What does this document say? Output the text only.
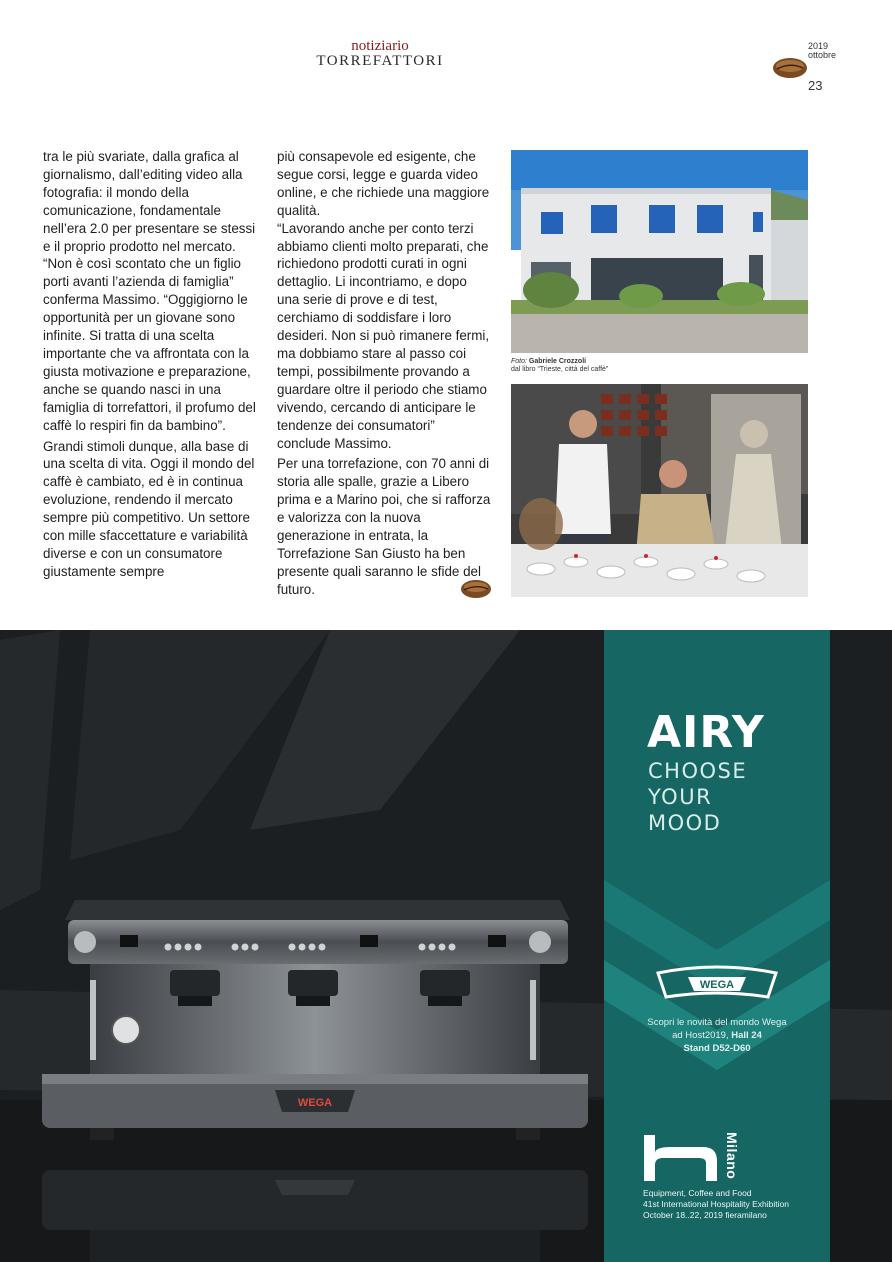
notiziario
TORREFATTORI
2019
ottobre
23

tra le più svariate, dalla grafica al giornalismo, dall’editing video alla fotografia: il mondo della comunicazione, fondamentale nell’era 2.0 per presentare se stessi e il proprio prodotto nel mercato. “Non è così scontato che un figlio porti avanti l’azienda di famiglia” conferma Massimo. “Oggigiorno le opportunità per un giovane sono infinite. Si tratta di una scelta importante che va affrontata con la giusta motivazione e preparazione, anche se quando nasci in una famiglia di torrefattori, il profumo del caffè lo respiri fin da bambino”.

Grandi stimoli dunque, alla base di una scelta di vita. Oggi il mondo del caffè è cambiato, ed è in continua evoluzione, rendendo il mercato sempre più competitivo. Un settore con mille sfaccettature e variabilità diverse e con un consumatore giustamente sempre

più consapevole ed esigente, che segue corsi, legge e guarda video online, e che richiede una maggiore qualità.

“Lavorando anche per conto terzi abbiamo clienti molto preparati, che richiedono prodotti curati in ogni dettaglio. Li incontriamo, e dopo una serie di prove e di test, cerchiamo di soddisfare i loro desideri. Non si può rimanere fermi, ma dobbiamo stare al passo coi tempi, possibilmente provando a guardare oltre il periodo che stiamo vivendo, cercando di anticipare le tendenze dei consumatori” conclude Massimo.

Per una torrefazione, con 70 anni di storia alle spalle, grazie a Libero prima e a Marino poi, che si rafforza e valorizza con la nuova generazione in entrata, la Torrefazione San Giusto ha ben presente quali saranno le sfide del futuro.

Foto: Gabriele Crozzoli
dal libro “Trieste, città del caffè”
WEGA
AIRY
CHOOSE
YOUR
MOOD
WEGA
Scopri le novità del mondo Wega
ad Host2019, Hall 24
Stand D52-D60
Milano
Equipment, Coffee and Food
41st International Hospitality Exhibition
October 18..22, 2019 fieramilano
